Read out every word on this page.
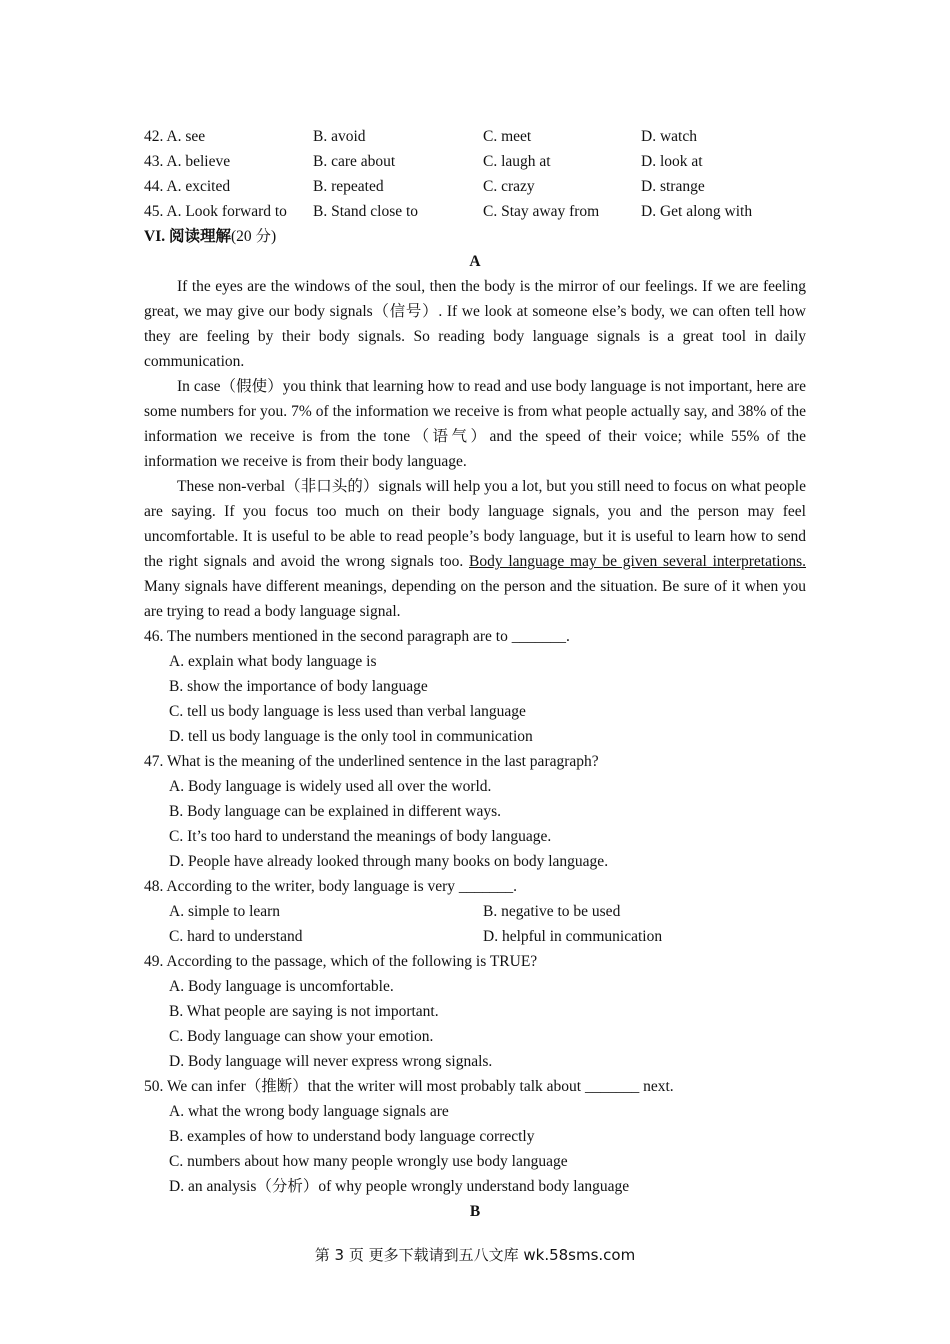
42. A. see	B. avoid	C. meet	D. watch
43. A. believe	B. care about	C. laugh at	D. look at
44. A. excited	B. repeated	C. crazy	D. strange
45. A. Look forward to	B. Stand close to	C. Stay away from	D. Get along with
VI. 阅读理解(20 分)
A

If the eyes are the windows of the soul, then the body is the mirror of our feelings. If we are feeling great, we may give our body signals（信号）. If we look at someone else’s body, we can often tell how they are feeling by their body signals. So reading body language signals is a great tool in daily communication.

In case（假使）you think that learning how to read and use body language is not important, here are some numbers for you. 7% of the information we receive is from what people actually say, and 38% of the information we receive is from the tone（语气）and the speed of their voice; while 55% of the information we receive is from their body language.

These non-verbal（非口头的）signals will help you a lot, but you still need to focus on what people are saying. If you focus too much on their body language signals, you and the person may feel uncomfortable. It is useful to be able to read people’s body language, but it is useful to learn how to send the right signals and avoid the wrong signals too. Body language may be given several interpretations. Many signals have different meanings, depending on the person and the situation. Be sure of it when you are trying to read a body language signal.

46. The numbers mentioned in the second paragraph are to _______.
A. explain what body language is
B. show the importance of body language
C. tell us body language is less used than verbal language
D. tell us body language is the only tool in communication
47. What is the meaning of the underlined sentence in the last paragraph?
A. Body language is widely used all over the world.
B. Body language can be explained in different ways.
C. It’s too hard to understand the meanings of body language.
D. People have already looked through many books on body language.
48. According to the writer, body language is very _______.
A. simple to learn	B. negative to be used
C. hard to understand	D. helpful in communication
49. According to the passage, which of the following is TRUE?
A. Body language is uncomfortable.
B. What people are saying is not important.
C. Body language can show your emotion.
D. Body language will never express wrong signals.
50. We can infer（推断）that the writer will most probably talk about _______ next.
A. what the wrong body language signals are
B. examples of how to understand body language correctly
C. numbers about how many people wrongly use body language
D. an analysis（分析）of why people wrongly understand body language
B
第 3 页 更多下载请到五八文库 wk.58sms.com
